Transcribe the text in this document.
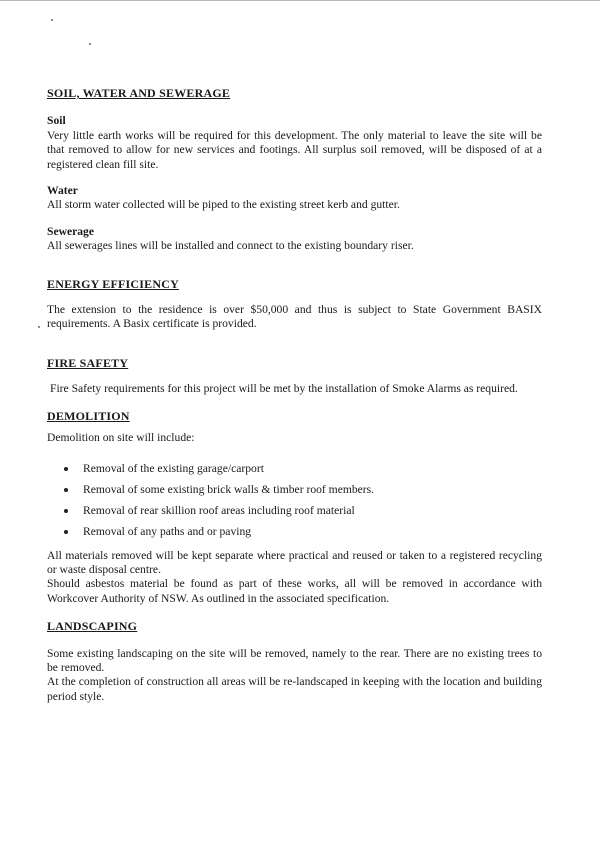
SOIL, WATER AND SEWERAGE

Soil

Very little earth works will be required for this development. The only material to leave the site will be that removed to allow for new services and footings. All surplus soil removed, will be disposed of at a registered clean fill site.

Water

All storm water collected will be piped to the existing street kerb and gutter.

Sewerage

All sewerages lines will be installed and connect to the existing boundary riser.

ENERGY EFFICIENCY

The extension to the residence is over $50,000 and thus is subject to State Government BASIX requirements. A Basix certificate is provided.

FIRE SAFETY

Fire Safety requirements for this project will be met by the installation of Smoke Alarms as required.

DEMOLITION

Demolition on site will include:

Removal of the existing garage/carport
Removal of some existing brick walls & timber roof members.
Removal of rear skillion roof areas including roof material
Removal of any paths and or paving

All materials removed will be kept separate where practical and reused or taken to a registered recycling or waste disposal centre.

Should asbestos material be found as part of these works, all will be removed in accordance with Workcover Authority of NSW. As outlined in the associated specification.

LANDSCAPING

Some existing landscaping on the site will be removed, namely to the rear. There are no existing trees to be removed.

At the completion of construction all areas will be re-landscaped in keeping with the location and building period style.
